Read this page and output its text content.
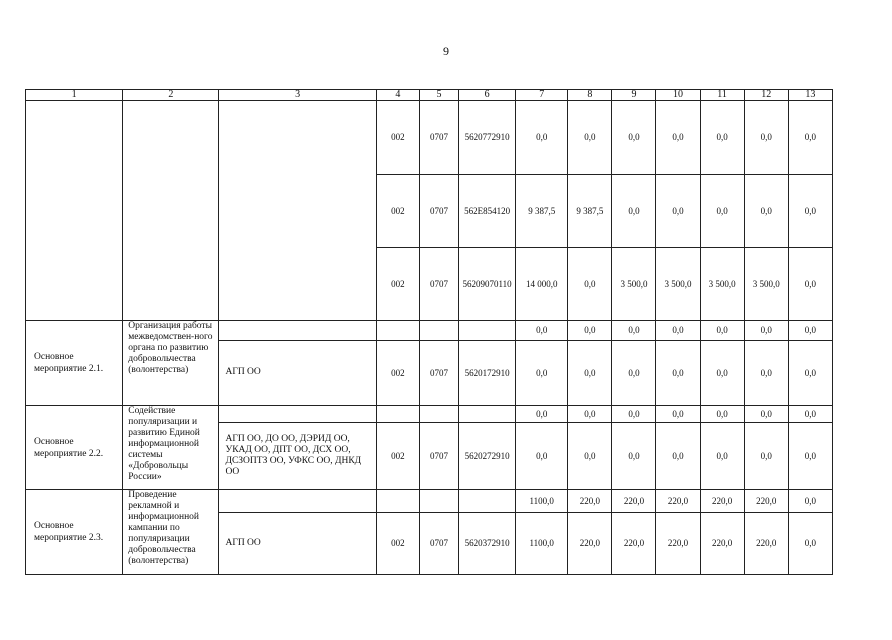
9
1	2	3	4	5	6	7	8	9	10	11	12	13
			002	0707	5620772910	0,0	0,0	0,0	0,0	0,0	0,0	0,0
			002	0707	562E854120	9 387,5	9 387,5	0,0	0,0	0,0	0,0	0,0
			002	0707	56209070110	14 000,0	0,0	3 500,0	3 500,0	3 500,0	3 500,0	0,0
Основное мероприятие 2.1.	Организация работы межведомствен-ного органа по развитию добровольчества (волонтерства)					0,0	0,0	0,0	0,0	0,0	0,0	0,0
		АГП ОО	002	0707	5620172910	0,0	0,0	0,0	0,0	0,0	0,0	0,0
Основное мероприятие 2.2.	Содействие популяризации и развитию Единой информационной системы «Добровольцы России»					0,0	0,0	0,0	0,0	0,0	0,0	0,0
		АГП ОО, ДО ОО, ДЭРИД ОО, УКАД ОО, ДПТ ОО, ДСХ ОО, ДСЗОПТЗ ОО, УФКС ОО, ДНКД ОО	002	0707	5620272910	0,0	0,0	0,0	0,0	0,0	0,0	0,0
Основное мероприятие 2.3.	Проведение рекламной и информационной кампании по популяризации добровольчества (волонтерства)					1100,0	220,0	220,0	220,0	220,0	220,0	0,0
		АГП ОО	002	0707	5620372910	1100,0	220,0	220,0	220,0	220,0	220,0	0,0
